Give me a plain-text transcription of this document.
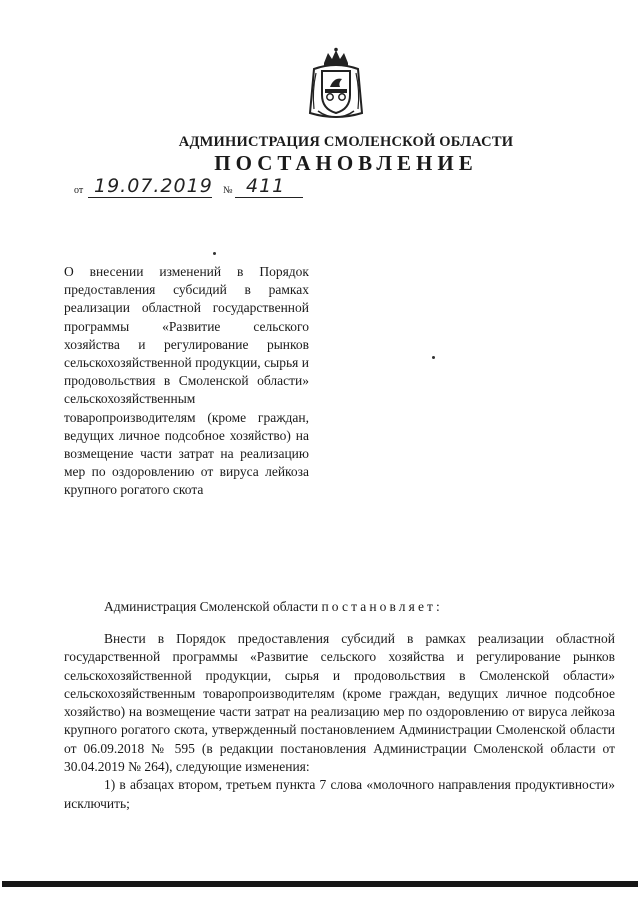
АДМИНИСТРАЦИЯ СМОЛЕНСКОЙ ОБЛАСТИ
ПОСТАНОВЛЕНИЕ
от 19.07.2019 № 411
О внесении изменений в Порядок предоставления субсидий в рамках реализации областной государственной программы «Развитие сельского хозяйства и регулирование рынков сельскохозяйственной продукции, сырья и продовольствия в Смоленской области» сельскохозяйственным товаропроизводителям (кроме граждан, ведущих личное подсобное хозяйство) на возмещение части затрат на реализацию мер по оздоровлению от вируса лейкоза крупного рогатого скота
Администрация Смоленской области постановляет:

Внести в Порядок предоставления субсидий в рамках реализации областной государственной программы «Развитие сельского хозяйства и регулирование рынков сельскохозяйственной продукции, сырья и продовольствия в Смоленской области» сельскохозяйственным товаропроизводителям (кроме граждан, ведущих личное подсобное хозяйство) на возмещение части затрат на реализацию мер по оздоровлению от вируса лейкоза крупного рогатого скота, утвержденный постановлением Администрации Смоленской области от 06.09.2018 № 595 (в редакции постановления Администрации Смоленской области от 30.04.2019 № 264), следующие изменения:

1) в абзацах втором, третьем пункта 7 слова «молочного направления продуктивности» исключить;
